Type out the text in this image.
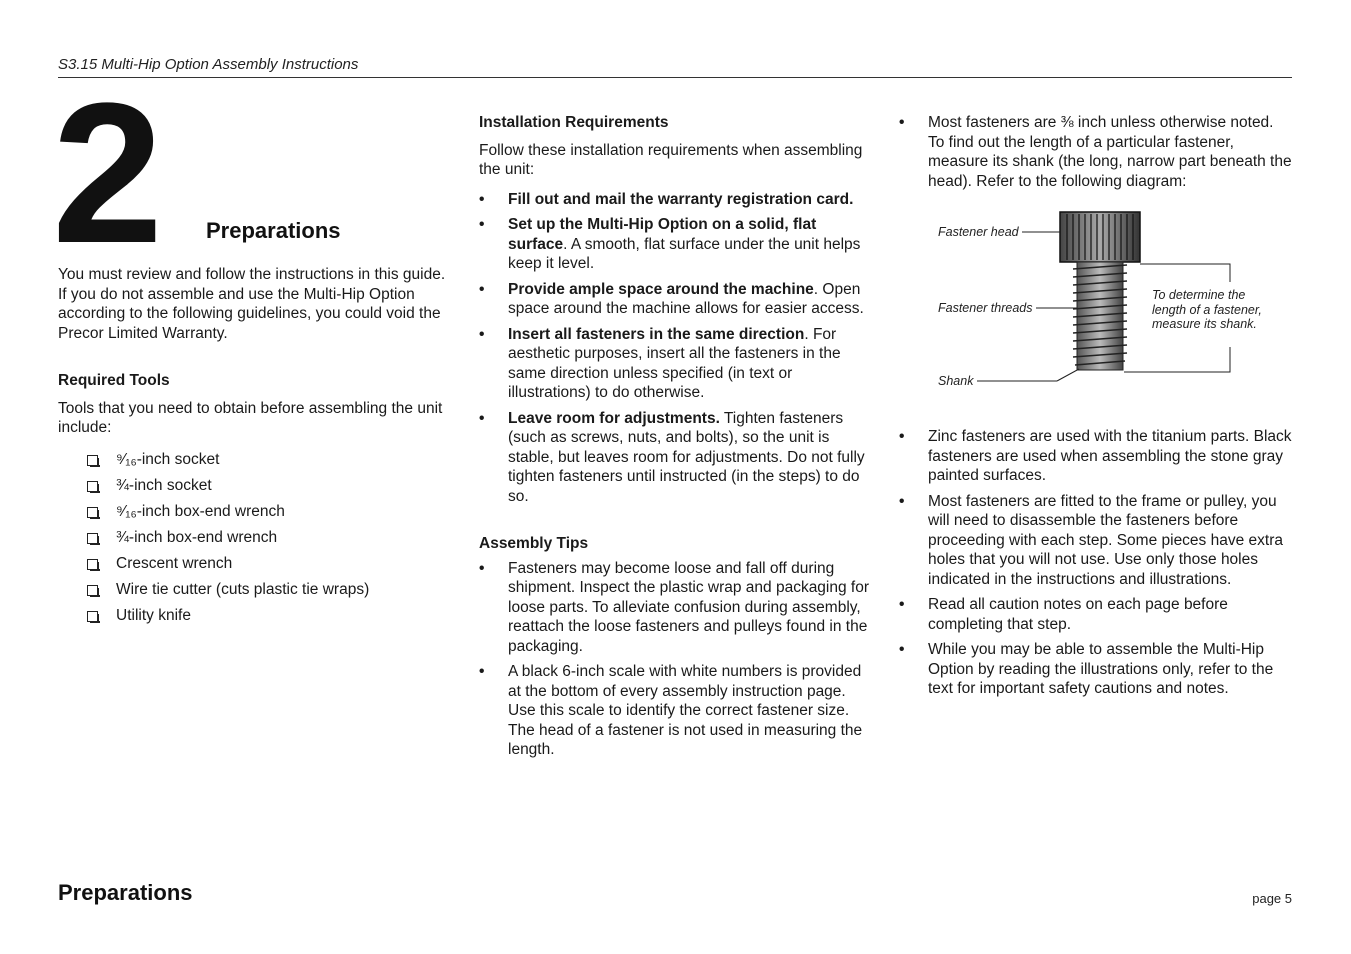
S3.15 Multi-Hip Option Assembly Instructions
2 Preparations

You must review and follow the instructions in this guide. If you do not assemble and use the Multi-Hip Option according to the following guidelines, you could void the Precor Limited Warranty.

Required Tools

Tools that you need to obtain before assembling the unit include:

⁹⁄₁₆-inch socket
¾-inch socket
⁹⁄₁₆-inch box-end wrench
¾-inch box-end wrench
Crescent wrench
Wire tie cutter (cuts plastic tie wraps)
Utility knife
Installation Requirements

Follow these installation requirements when assembling the unit:

• Fill out and mail the warranty registration card.
• Set up the Multi-Hip Option on a solid, flat surface. A smooth, flat surface under the unit helps keep it level.
• Provide ample space around the machine. Open space around the machine allows for easier access.
• Insert all fasteners in the same direction. For aesthetic purposes, insert all the fasteners in the same direction unless specified (in text or illustrations) to do otherwise.
• Leave room for adjustments. Tighten fasteners (such as screws, nuts, and bolts), so the unit is stable, but leaves room for adjustments. Do not fully tighten fasteners until instructed (in the steps) to do so.
Assembly Tips
• Fasteners may become loose and fall off during shipment. Inspect the plastic wrap and packaging for loose parts. To alleviate confusion during assembly, reattach the loose fasteners and pulleys found in the packaging.
• A black 6-inch scale with white numbers is provided at the bottom of every assembly instruction page. Use this scale to identify the correct fastener size. The head of a fastener is not used in measuring the length.
• Most fasteners are ⅜ inch unless otherwise noted. To find out the length of a particular fastener, measure its shank (the long, narrow part beneath the head). Refer to the following diagram:
Fastener head
Fastener threads
Shank
To determine the
length of a fastener,
measure its shank.
• Zinc fasteners are used with the titanium parts. Black fasteners are used when assembling the stone gray painted surfaces.
• Most fasteners are fitted to the frame or pulley, you will need to disassemble the fasteners before proceeding with each step. Some pieces have extra holes that you will not use. Use only those holes indicated in the instructions and illustrations.
• Read all caution notes on each page before completing that step.
• While you may be able to assemble the Multi-Hip Option by reading the illustrations only, refer to the text for important safety cautions and notes.
Preparations	page 5
